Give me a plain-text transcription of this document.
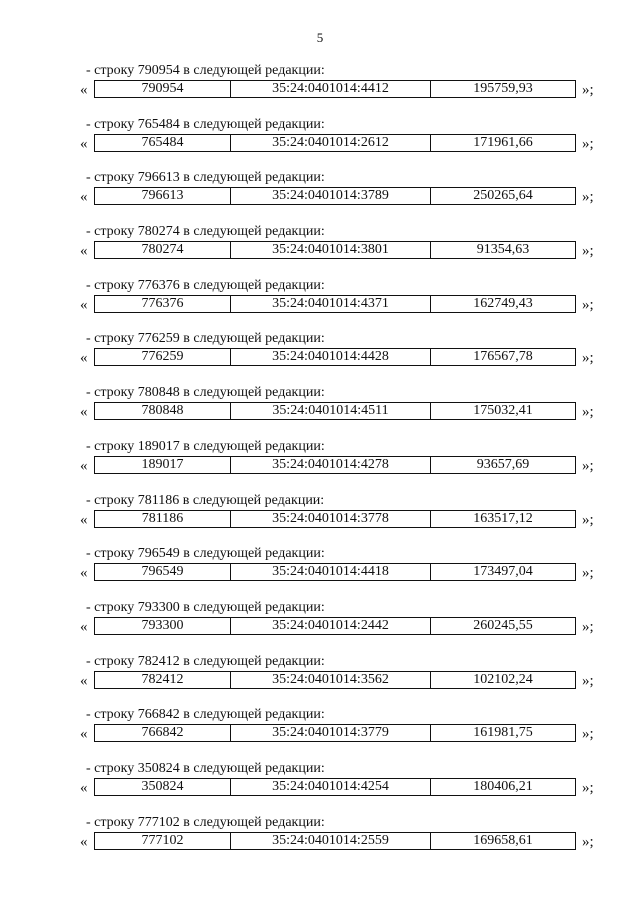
5
- строку 790954 в следующей редакции:
«	790954	35:24:0401014:4412	195759,93	»;
- строку 765484 в следующей редакции:
«	765484	35:24:0401014:2612	171961,66	»;
- строку 796613 в следующей редакции:
«	796613	35:24:0401014:3789	250265,64	»;
- строку 780274 в следующей редакции:
«	780274	35:24:0401014:3801	91354,63	»;
- строку 776376 в следующей редакции:
«	776376	35:24:0401014:4371	162749,43	»;
- строку 776259 в следующей редакции:
«	776259	35:24:0401014:4428	176567,78	»;
- строку 780848 в следующей редакции:
«	780848	35:24:0401014:4511	175032,41	»;
- строку 189017 в следующей редакции:
«	189017	35:24:0401014:4278	93657,69	»;
- строку 781186 в следующей редакции:
«	781186	35:24:0401014:3778	163517,12	»;
- строку 796549 в следующей редакции:
«	796549	35:24:0401014:4418	173497,04	»;
- строку 793300 в следующей редакции:
«	793300	35:24:0401014:2442	260245,55	»;
- строку 782412 в следующей редакции:
«	782412	35:24:0401014:3562	102102,24	»;
- строку 766842 в следующей редакции:
«	766842	35:24:0401014:3779	161981,75	»;
- строку 350824 в следующей редакции:
«	350824	35:24:0401014:4254	180406,21	»;
- строку 777102 в следующей редакции:
«	777102	35:24:0401014:2559	169658,61	»;
